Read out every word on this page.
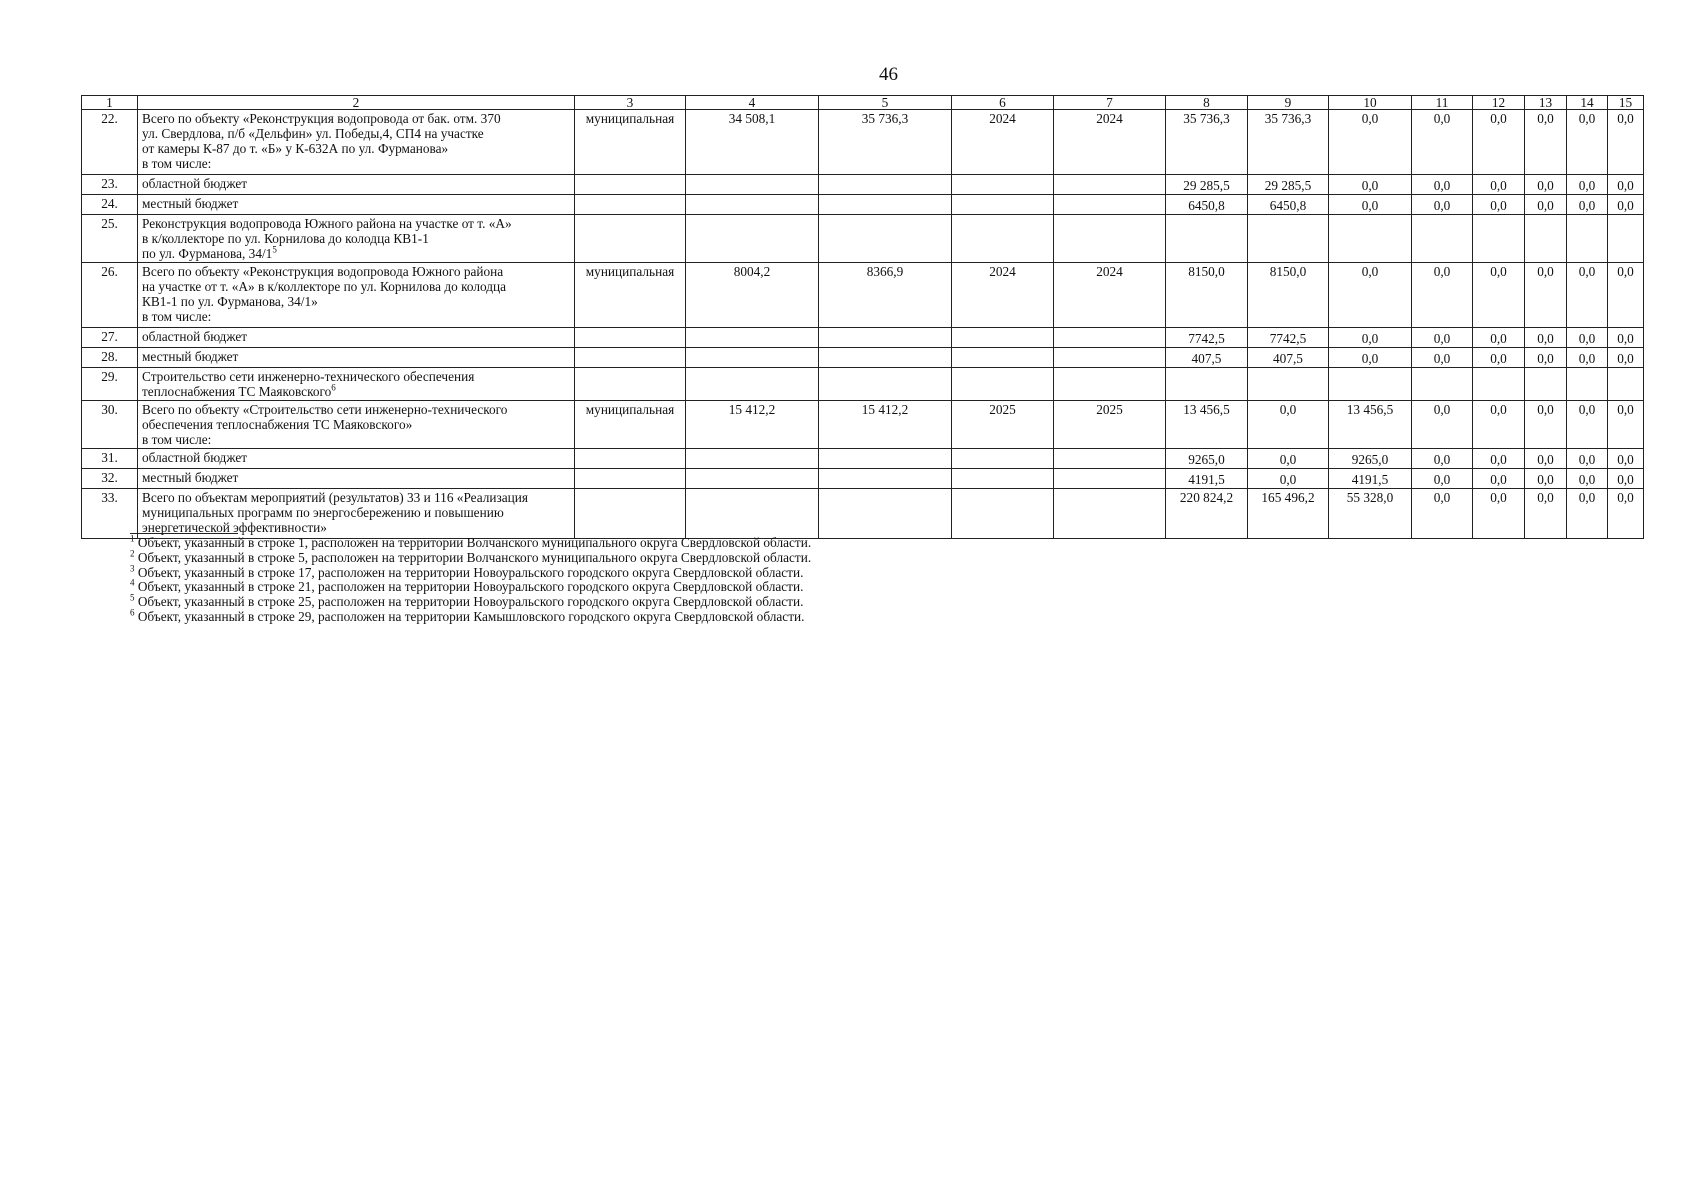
46
1	2	3	4	5	6	7	8	9	10	11	12	13	14	15
22.	Всего по объекту «Реконструкция водопровода от бак. отм. 370
ул. Свердлова, п/б «Дельфин» ул. Победы,4, СП4 на участке
от камеры К-87 до т. «Б» у К-632А по ул. Фурманова»
в том числе:	муниципальная	34 508,1	35 736,3	2024	2024	35 736,3	35 736,3	0,0	0,0	0,0	0,0	0,0	0,0
23.	областной бюджет						29 285,5	29 285,5	0,0	0,0	0,0	0,0	0,0	0,0
24.	местный бюджет						6450,8	6450,8	0,0	0,0	0,0	0,0	0,0	0,0
25.	Реконструкция водопровода Южного района на участке от т. «А»
в к/коллекторе по ул. Корнилова до колодца КВ1-1
по ул. Фурманова, $34/1^5$													
26.	Всего по объекту «Реконструкция водопровода Южного района
на участке от т. «А» в к/коллекторе по ул. Корнилова до колодца
КВ1-1 по ул. Фурманова, 34/1»
в том числе:	муниципальная	8004,2	8366,9	2024	2024	8150,0	8150,0	0,0	0,0	0,0	0,0	0,0	0,0
27.	областной бюджет						7742,5	7742,5	0,0	0,0	0,0	0,0	0,0	0,0
28.	местный бюджет						407,5	407,5	0,0	0,0	0,0	0,0	0,0	0,0
29.	Строительство сети инженерно-технического обеспечения
теплоснабжения ТС Маяковского$^6$													
30.	Всего по объекту «Строительство сети инженерно-технического
обеспечения теплоснабжения ТС Маяковского»
в том числе:	муниципальная	15 412,2	15 412,2	2025	2025	13 456,5	0,0	13 456,5	0,0	0,0	0,0	0,0	0,0
31.	областной бюджет						9265,0	0,0	9265,0	0,0	0,0	0,0	0,0	0,0
32.	местный бюджет						4191,5	0,0	4191,5	0,0	0,0	0,0	0,0	0,0
33.	Всего по объектам мероприятий (результатов) 33 и 116 «Реализация
муниципальных программ по энергосбережению и повышению
энергетической эффективности»						220 824,2	165 496,2	55 328,0	0,0	0,0	0,0	0,0	0,0
$^1$ Объект, указанный в строке 1, расположен на территории Волчанского муниципального округа Свердловской области.
$^2$ Объект, указанный в строке 5, расположен на территории Волчанского муниципального округа Свердловской области.
$^3$ Объект, указанный в строке 17, расположен на территории Новоуральского городского округа Свердловской области.
$^4$ Объект, указанный в строке 21, расположен на территории Новоуральского городского округа Свердловской области.
$^5$ Объект, указанный в строке 25, расположен на территории Новоуральского городского округа Свердловской области.
$^6$ Объект, указанный в строке 29, расположен на территории Камышловского городского округа Свердловской области.
